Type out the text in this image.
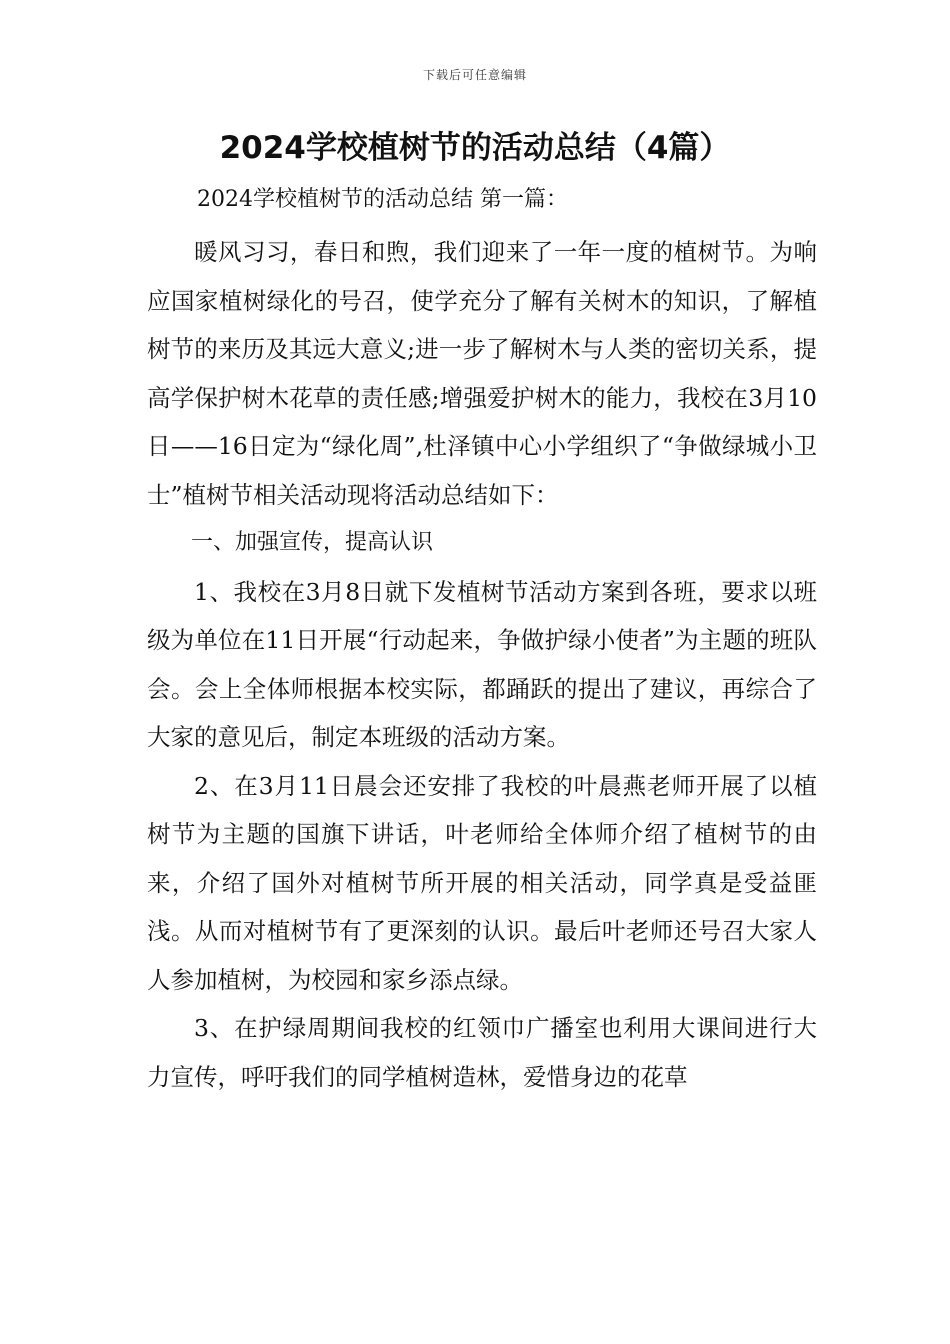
下载后可任意编辑
2024学校植树节的活动总结（4篇）
2024学校植树节的活动总结 第一篇：

暖风习习，春日和煦，我们迎来了一年一度的植树节。为响应国家植树绿化的号召，使学充分了解有关树木的知识，了解植树节的来历及其远大意义;进一步了解树木与人类的密切关系，提高学保护树木花草的责任感;增强爱护树木的能力，我校在3月10日——16日定为“绿化周”,杜泽镇中心小学组织了“争做绿城小卫士”植树节相关活动现将活动总结如下：

一、加强宣传，提高认识

1、我校在3月8日就下发植树节活动方案到各班，要求以班级为单位在11日开展“行动起来，争做护绿小使者”为主题的班队会。会上全体师根据本校实际，都踊跃的提出了建议，再综合了大家的意见后，制定本班级的活动方案。

2、在3月11日晨会还安排了我校的叶晨燕老师开展了以植树节为主题的国旗下讲话，叶老师给全体师介绍了植树节的由来，介绍了国外对植树节所开展的相关活动，同学真是受益匪浅。从而对植树节有了更深刻的认识。最后叶老师还号召大家人人参加植树，为校园和家乡添点绿。

3、在护绿周期间我校的红领巾广播室也利用大课间进行大力宣传，呼吁我们的同学植树造林，爱惜身边的花草
